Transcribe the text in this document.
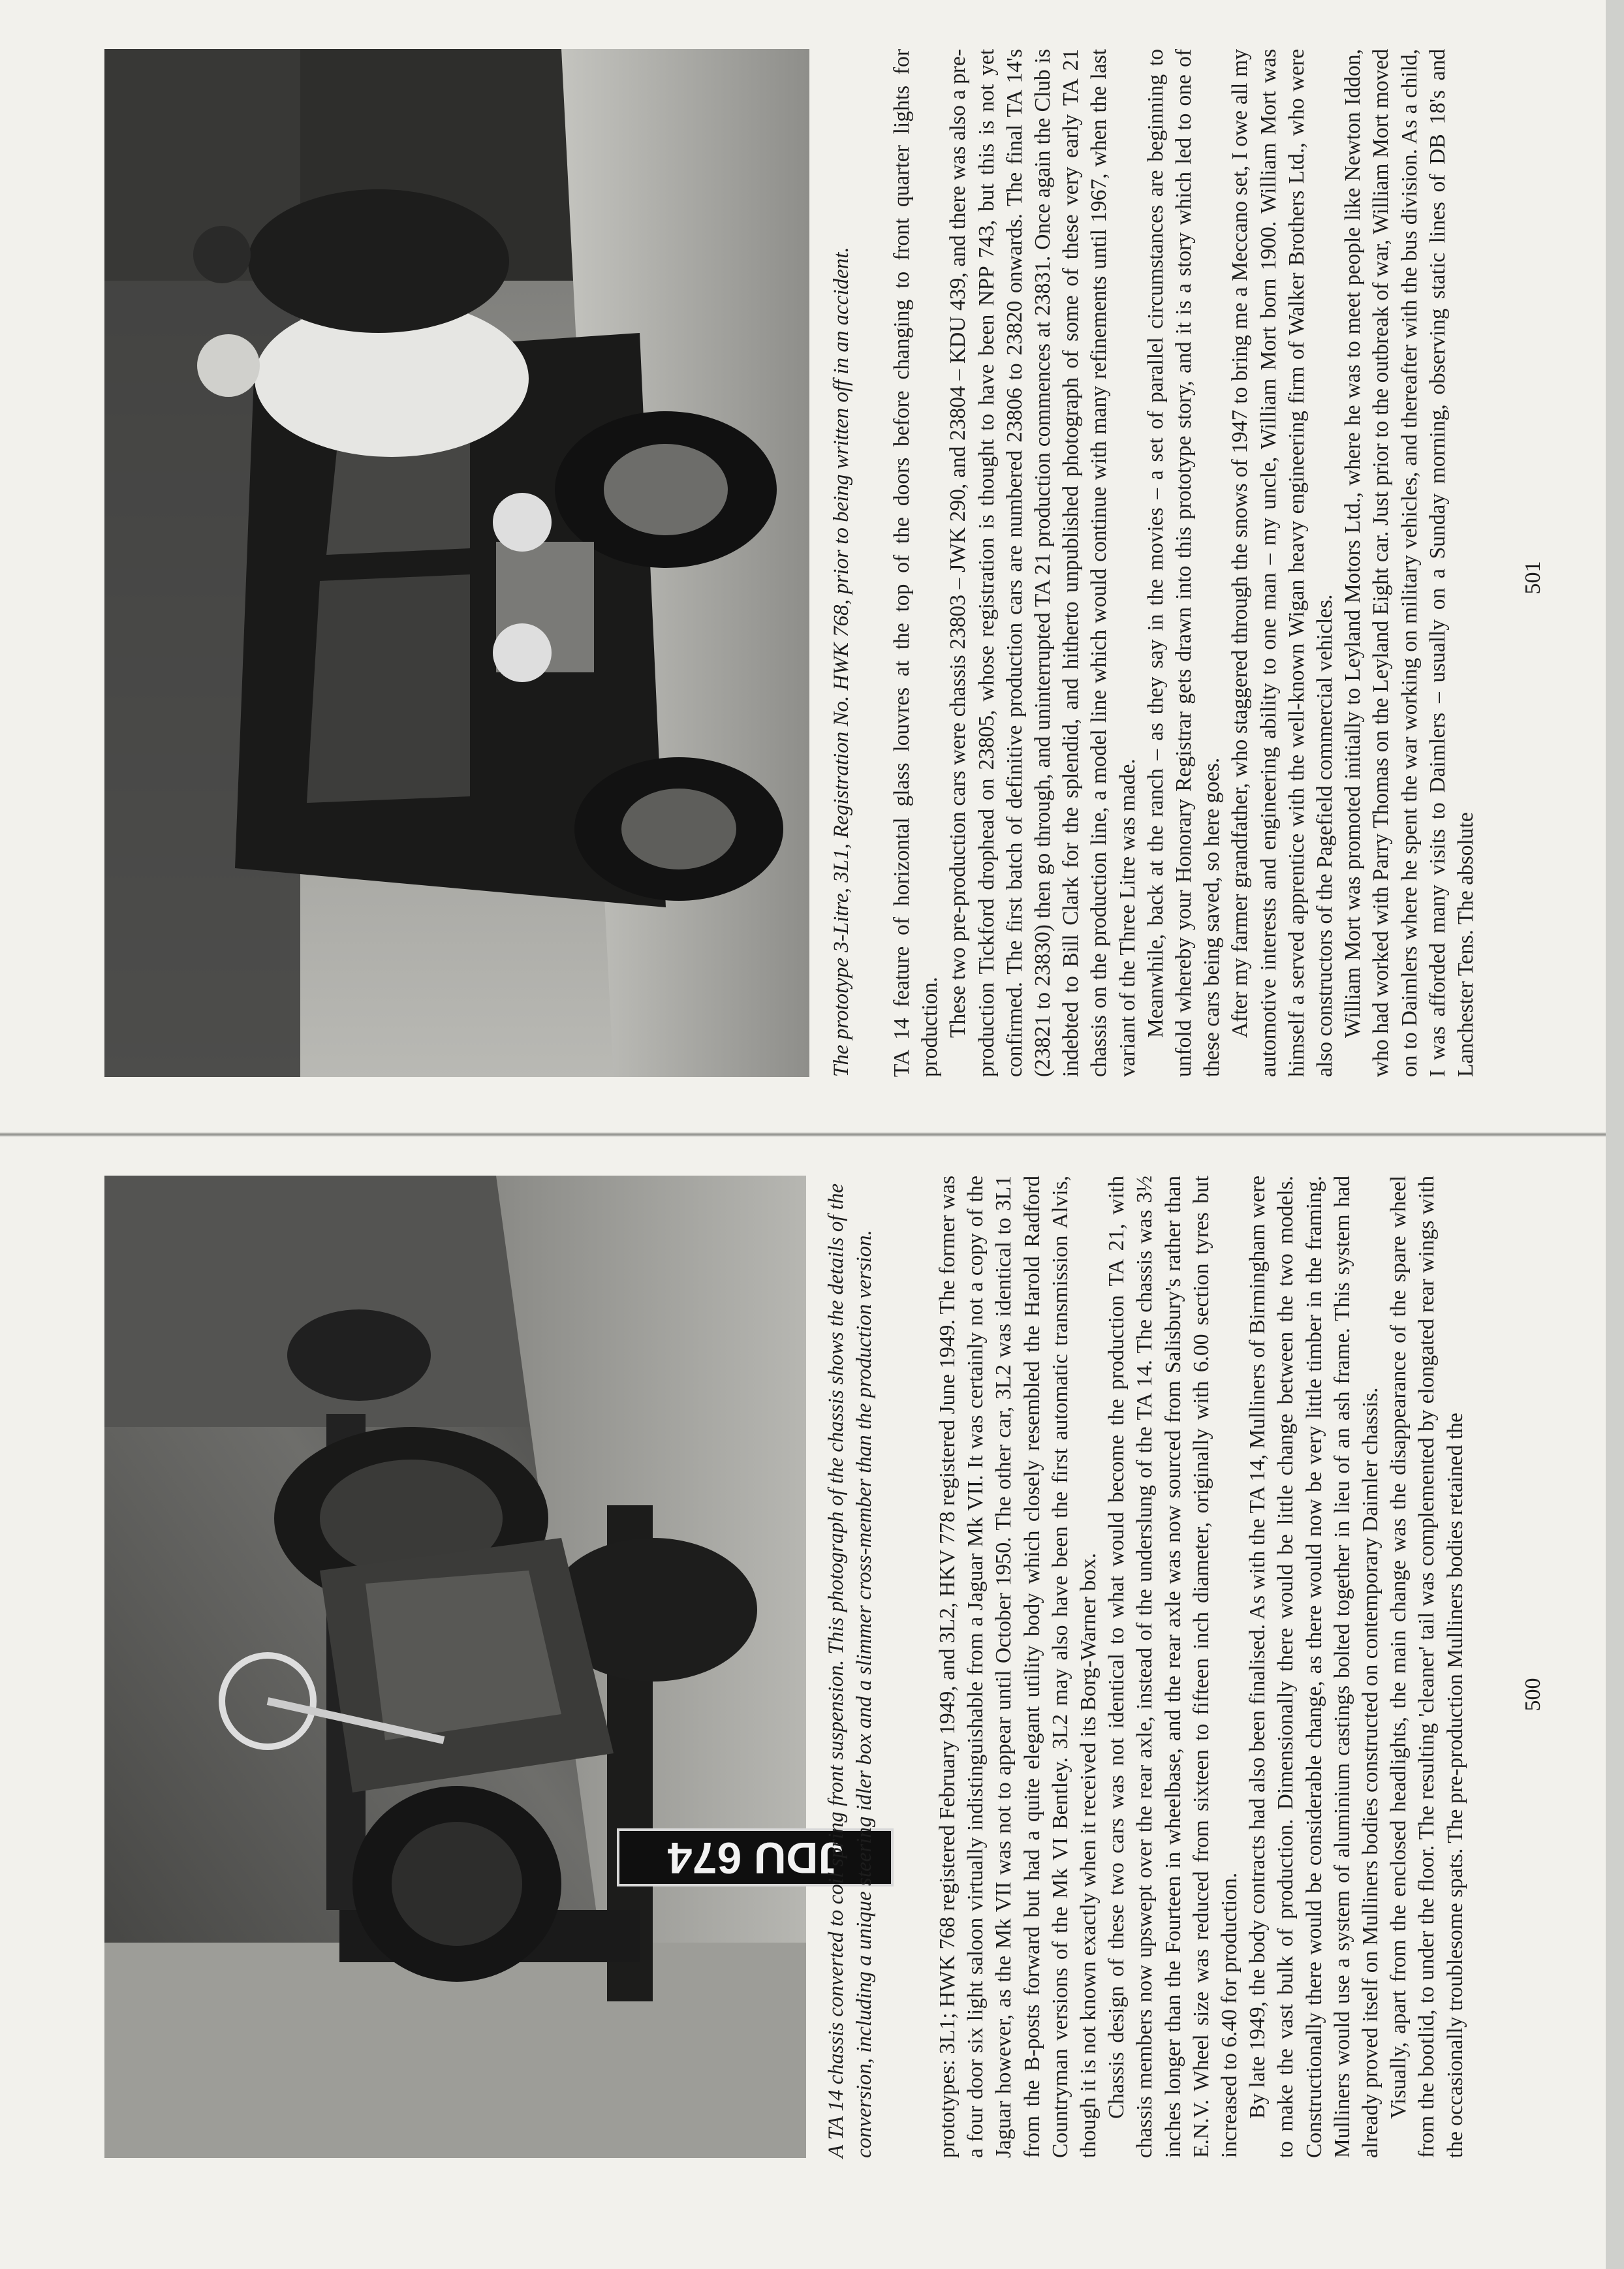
JDU 674

A TA 14 chassis converted to coil spring front suspension. This photograph of the chassis shows the details of the conversion, including a unique steering idler box and a slimmer cross-member than the production version.	prototypes: 3L1; HWK 768 registered February 1949, and 3L2, HKV 778 registered June 1949. The former was a four door six light saloon virtually indistinguishable from a Jaguar Mk VII. It was certainly not a copy of the Jaguar however, as the Mk VII was not to appear until October 1950. The other car, 3L2 was identical to 3L1 from the B-posts forward but had a quite elegant utility body which closely resembled the Harold Radford Countryman versions of the Mk VI Bentley. 3L2 may also have been the first automatic transmission Alvis, though it is not known exactly when it received its Borg-Warner box. Chassis design of these two cars was not identical to what would become the production TA 21, with chassis members now upswept over the rear axle, instead of the underslung of the TA 14. The chassis was 3½ inches longer than the Fourteen in wheelbase, and the rear axle was now sourced from Salisbury's rather than E.N.V. Wheel size was reduced from sixteen to fifteen inch diameter, originally with 6.00 section tyres but increased to 6.40 for production. By late 1949, the body contracts had also been finalised. As with the TA 14, Mulliners of Birmingham were to make the vast bulk of production. Dimensionally there would be little change between the two models. Constructionally there would be considerable change, as there would now be very little timber in the framing. Mulliners would use a system of aluminium castings bolted together in lieu of an ash frame. This system had already proved itself on Mulliners bodies constructed on contemporary Daimler chassis. Visually, apart from the enclosed headlights, the main change was the disappearance of the spare wheel from the bootlid, to under the floor. The resulting 'cleaner' tail was complemented by elongated rear wings with the occasionally troublesome spats. The pre-production Mulliners bodies retained the 500

The prototype 3-Litre, 3L1, Registration No. HWK 768, prior to being written off in an accident. TA 14 feature of horizontal glass louvres at the top of the doors before changing to front quarter lights for production. These two pre-production cars were chassis 23803 – JWK 290, and 23804 – KDU 439, and there was also a pre-production Tickford drophead on 23805, whose registration is thought to have been NPP 743, but this is not yet confirmed. The first batch of definitive production cars are numbered 23806 to 23820 onwards. The final TA 14's (23821 to 23830) then go through, and uninterrupted TA 21 production commences at 23831. Once again the Club is indebted to Bill Clark for the splendid, and hitherto unpublished photograph of some of these very early TA 21 chassis on the production line, a model line which would continue with many refinements until 1967, when the last variant of the Three Litre was made. Meanwhile, back at the ranch – as they say in the movies – a set of parallel circumstances are beginning to unfold whereby your Honorary Registrar gets drawn into this prototype story, and it is a story which led to one of these cars being saved, so here goes. After my farmer grandfather, who staggered through the snows of 1947 to bring me a Meccano set, I owe all my automotive interests and engineering ability to one man – my uncle, William Mort born 1900. William Mort was himself a served apprentice with the well-known Wigan heavy engineering firm of Walker Brothers Ltd., who were also constructors of the Pagefield commercial vehicles. William Mort was promoted initially to Leyland Motors Ltd., where he was to meet people like Newton Iddon, who had worked with Parry Thomas on the Leyland Eight car. Just prior to the outbreak of war, William Mort moved on to Daimlers where he spent the war working on military vehicles, and thereafter with the bus division. As a child, I was afforded many visits to Daimlers – usually on a Sunday morning, observing static lines of DB 18's and Lanchester Tens. The absolute

501
